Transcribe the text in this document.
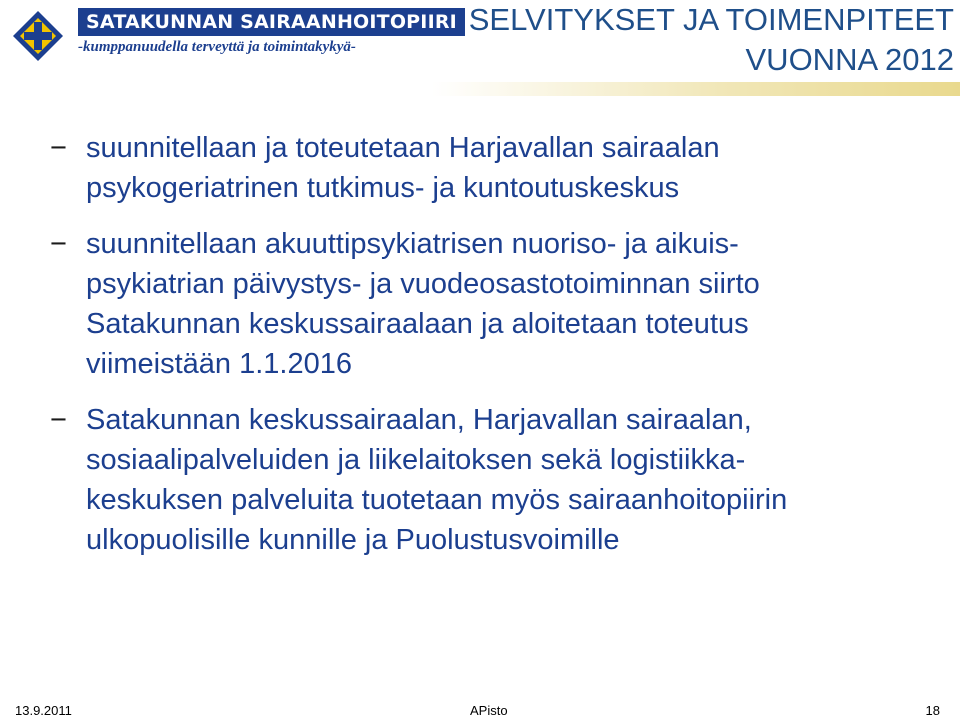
SATAKUNNAN SAIRAANHOITOPIIRI
-kumppanuudella terveyttä ja toimintakykyä-
SELVITYKSET JA TOIMENPITEET
VUONNA 2012
− suunnitellaan ja toteutetaan Harjavallan sairaalan
psykogeriatrinen tutkimus- ja kuntoutuskeskus
− suunnitellaan akuuttipsykiatrisen nuoriso- ja aikuis-
psykiatrian päivystys- ja vuodeosastotoiminnan siirto
Satakunnan keskussairaalaan ja aloitetaan toteutus
viimeistään 1.1.2016
− Satakunnan keskussairaalan, Harjavallan sairaalan,
sosiaalipalveluiden ja liikelaitoksen sekä logistiikka-
keskuksen palveluita tuotetaan myös sairaanhoitopiirin
ulkopuolisille kunnille ja Puolustusvoimille
13.9.2011	APisto	18
